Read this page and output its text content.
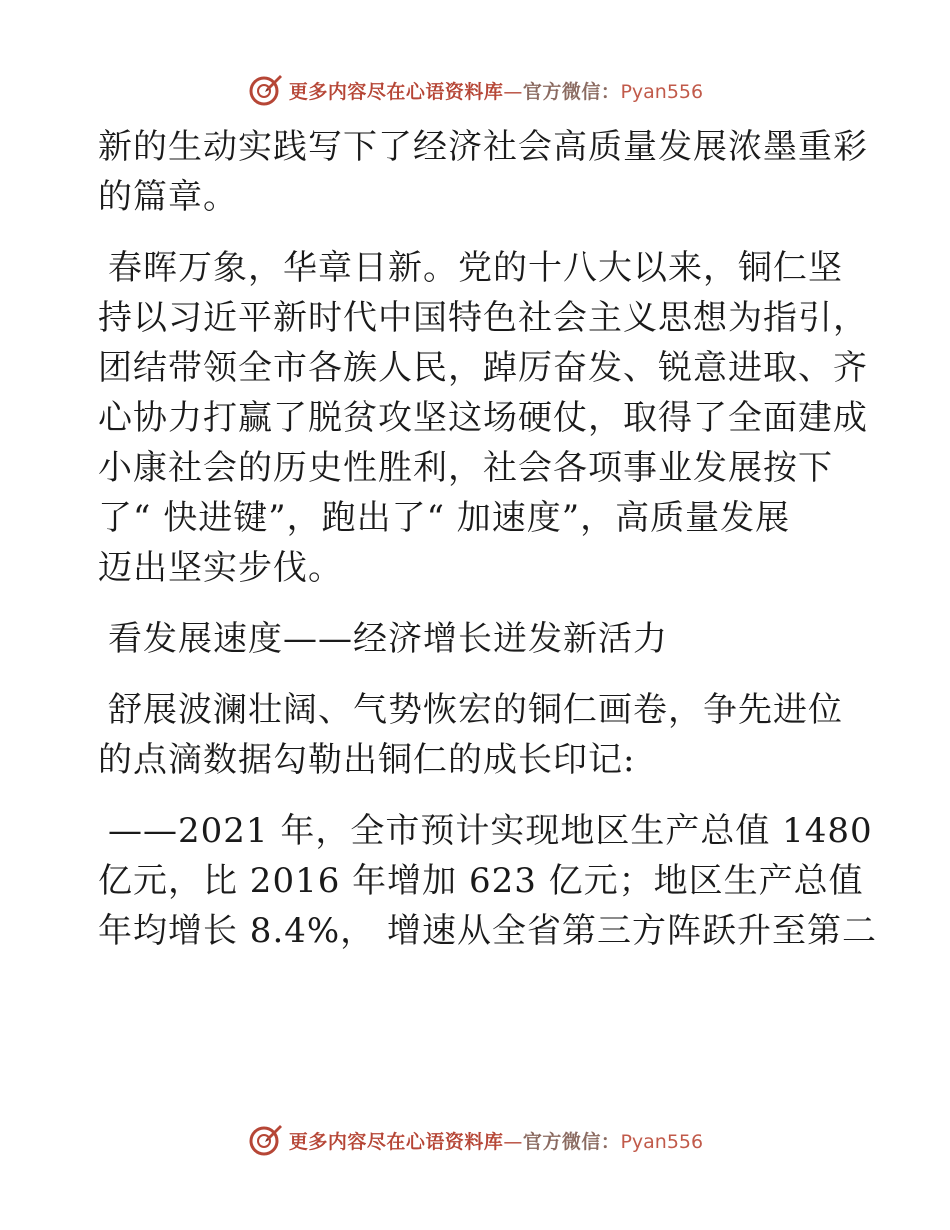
更多内容尽在心语资料库—官方微信：Pyan556

新的生动实践写下了经济社会高质量发展浓墨重彩
的篇章。

春晖万象，华章日新。党的十八大以来，铜仁坚
持以习近平新时代中国特色社会主义思想为指引，
团结带领全市各族人民，踔厉奋发、锐意进取、齐
心协力打赢了脱贫攻坚这场硬仗，取得了全面建成
小康社会的历史性胜利，社会各项事业发展按下
了“ 快进键”，跑出了“ 加速度”，高质量发展
迈出坚实步伐。

看发展速度——经济增长迸发新活力

舒展波澜壮阔、气势恢宏的铜仁画卷，争先进位
的点滴数据勾勒出铜仁的成长印记:

——2021 年，全市预计实现地区生产总值 1480
亿元，比 2016 年增加 623 亿元；地区生产总值
年均增长 8.4%， 增速从全省第三方阵跃升至第二

更多内容尽在心语资料库—官方微信：Pyan556
